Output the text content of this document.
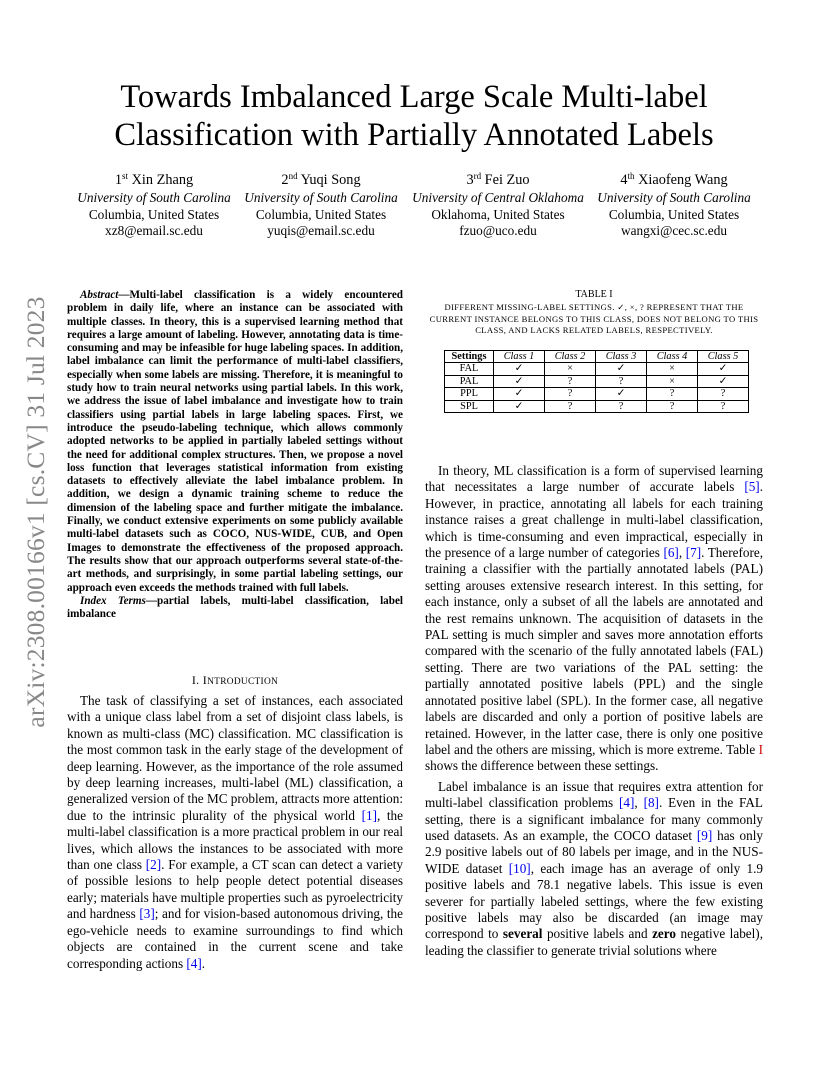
arXiv:2308.00166v1 [cs.CV] 31 Jul 2023
Towards Imbalanced Large Scale Multi-label
Classification with Partially Annotated Labels
1st Xin Zhang
University of South Carolina
Columbia, United States
xz8@email.sc.edu
2nd Yuqi Song
University of South Carolina
Columbia, United States
yuqis@email.sc.edu
3rd Fei Zuo
University of Central Oklahoma
Oklahoma, United States
fzuo@uco.edu
4th Xiaofeng Wang
University of South Carolina
Columbia, United States
wangxi@cec.sc.edu

Abstract—Multi-label classification is a widely encountered problem in daily life, where an instance can be associated with multiple classes. In theory, this is a supervised learning method that requires a large amount of labeling. However, annotating data is time-consuming and may be infeasible for huge labeling spaces. In addition, label imbalance can limit the performance of multi-label classifiers, especially when some labels are missing. Therefore, it is meaningful to study how to train neural networks using partial labels. In this work, we address the issue of label imbalance and investigate how to train classifiers using partial labels in large labeling spaces. First, we introduce the pseudo-labeling technique, which allows commonly adopted networks to be applied in partially labeled settings without the need for additional complex structures. Then, we propose a novel loss function that leverages statistical information from existing datasets to effectively alleviate the label imbalance problem. In addition, we design a dynamic training scheme to reduce the dimension of the labeling space and further mitigate the imbalance. Finally, we conduct extensive experiments on some publicly available multi-label datasets such as COCO, NUS-WIDE, CUB, and Open Images to demonstrate the effectiveness of the proposed approach. The results show that our approach outperforms several state-of-the-art methods, and surprisingly, in some partial labeling settings, our approach even exceeds the methods trained with full labels.

Index Terms—partial labels, multi-label classification, label imbalance

I. INTRODUCTION

The task of classifying a set of instances, each associated with a unique class label from a set of disjoint class labels, is known as multi-class (MC) classification. MC classification is the most common task in the early stage of the development of deep learning. However, as the importance of the role assumed by deep learning increases, multi-label (ML) classification, a generalized version of the MC problem, attracts more attention: due to the intrinsic plurality of the physical world [1], the multi-label classification is a more practical problem in our real lives, which allows the instances to be associated with more than one class [2]. For example, a CT scan can detect a variety of possible lesions to help people detect potential diseases early; materials have multiple properties such as pyroelectricity and hardness [3]; and for vision-based autonomous driving, the ego-vehicle needs to examine surroundings to find which objects are contained in the current scene and take corresponding actions [4].

TABLE I
DIFFERENT MISSING-LABEL SETTINGS. ✓, ×, ? REPRESENT THAT THE CURRENT INSTANCE BELONGS TO THIS CLASS, DOES NOT BELONG TO THIS CLASS, AND LACKS RELATED LABELS, RESPECTIVELY.
Settings	Class 1	Class 2	Class 3	Class 4	Class 5
FAL	✓	×	✓	×	✓
PAL	✓	?	?	×	✓
PPL	✓	?	✓	?	?
SPL	✓	?	?	?	?

In theory, ML classification is a form of supervised learning that necessitates a large number of accurate labels [5]. However, in practice, annotating all labels for each training instance raises a great challenge in multi-label classification, which is time-consuming and even impractical, especially in the presence of a large number of categories [6], [7]. Therefore, training a classifier with the partially annotated labels (PAL) setting arouses extensive research interest. In this setting, for each instance, only a subset of all the labels are annotated and the rest remains unknown. The acquisition of datasets in the PAL setting is much simpler and saves more annotation efforts compared with the scenario of the fully annotated labels (FAL) setting. There are two variations of the PAL setting: the partially annotated positive labels (PPL) and the single annotated positive label (SPL). In the former case, all negative labels are discarded and only a portion of positive labels are retained. However, in the latter case, there is only one positive label and the others are missing, which is more extreme. Table I shows the difference between these settings.

Label imbalance is an issue that requires extra attention for multi-label classification problems [4], [8]. Even in the FAL setting, there is a significant imbalance for many commonly used datasets. As an example, the COCO dataset [9] has only 2.9 positive labels out of 80 labels per image, and in the NUS-WIDE dataset [10], each image has an average of only 1.9 positive labels and 78.1 negative labels. This issue is even severer for partially labeled settings, where the few existing positive labels may also be discarded (an image may correspond to several positive labels and zero negative label), leading the classifier to generate trivial solutions where
